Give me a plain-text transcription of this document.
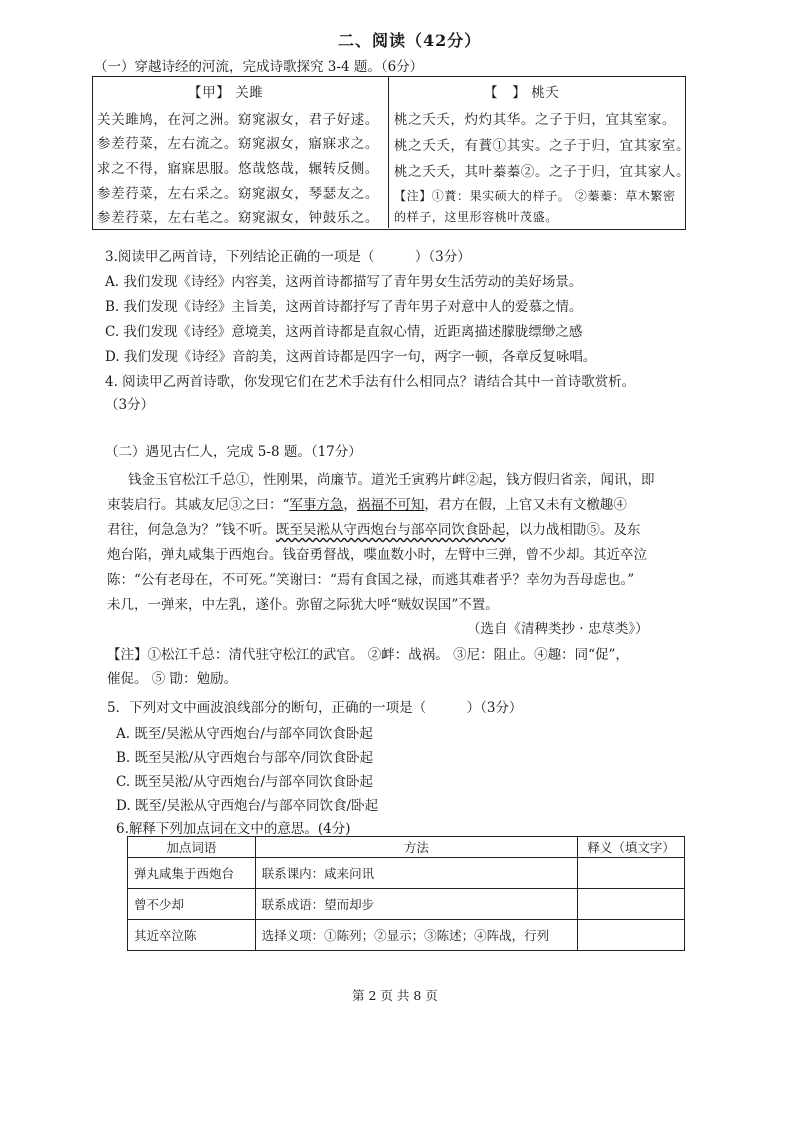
二、阅读（42分）
（一）穿越诗经的河流，完成诗歌探究 3-4 题。（6分）
【甲】 关雎
关关雎鸠，在河之洲。窈窕淑女，君子好逑。
参差荇菜，左右流之。窈窕淑女，寤寐求之。
求之不得，寤寐思服。悠哉悠哉，辗转反侧。
参差荇菜，左右采之。窈窕淑女，琴瑟友之。
参差荇菜，左右芼之。窈窕淑女，钟鼓乐之。
【　】 桃夭
桃之夭夭，灼灼其华。之子于归，宜其室家。
桃之夭夭，有蕡①其实。之子于归，宜其家室。
桃之夭夭，其叶蓁蓁②。之子于归，宜其家人。
【注】①蕡：果实硕大的样子。 ②蓁蓁：草木繁密
的样子，这里形容桃叶茂盛。
3.阅读甲乙两首诗，下列结论正确的一项是（　　　）（3分）
A. 我们发现《诗经》内容美，这两首诗都描写了青年男女生活劳动的美好场景。
B. 我们发现《诗经》主旨美，这两首诗都抒写了青年男子对意中人的爱慕之情。
C. 我们发现《诗经》意境美，这两首诗都是直叙心情，近距离描述朦胧缥缈之感
D. 我们发现《诗经》音韵美，这两首诗都是四字一句，两字一顿，各章反复咏唱。
4. 阅读甲乙两首诗歌，你发现它们在艺术手法有什么相同点？请结合其中一首诗歌赏析。
（3分）
（二）遇见古仁人，完成 5-8 题。（17分）
钱金玉官松江千总①，性刚果，尚廉节。道光壬寅鸦片衅②起，钱方假归省亲，闻讯，即
束装启行。其戚友尼③之曰：“军事方急，祸福不可知，君方在假，上官又未有文檄趣④
君往，何急急为？”钱不听。既至吴淞从守西炮台与部卒同饮食卧起，以力战相勖⑤。及东
炮台陷，弹丸咸集于西炮台。钱奋勇督战，喋血数小时，左臂中三弹，曾不少却。其近卒泣
陈：“公有老母在，不可死。”笑谢曰：“焉有食国之禄，而逃其难者乎？幸勿为吾母虑也。”
未几，一弹来，中左乳，遂仆。弥留之际犹大呼“贼奴误国”不置。
（选自《清稗类抄 · 忠荩类》）
【注】①松江千总：清代驻守松江的武官。 ②衅：战祸。 ③尼：阻止。④趣：同“促”，
催促。 ⑤ 勖：勉励。
5．下列对文中画波浪线部分的断句，正确的一项是（　　　）（3分）
A. 既至/吴淞从守西炮台/与部卒同饮食卧起
B. 既至吴淞/从守西炮台与部卒/同饮食卧起
C. 既至吴淞/从守西炮台/与部卒同饮食卧起
D. 既至/吴淞从守西炮台/与部卒同饮食/卧起
6.解释下列加点词在文中的意思。(4分)
加点词语	方法	释义（填文字）
弹丸咸集于西炮台	联系课内：咸来问讯	
曾不少却	联系成语：望而却步	
其近卒泣陈	选择义项：①陈列；②显示；③陈述；④阵战，行列	
第 2 页 共 8 页
